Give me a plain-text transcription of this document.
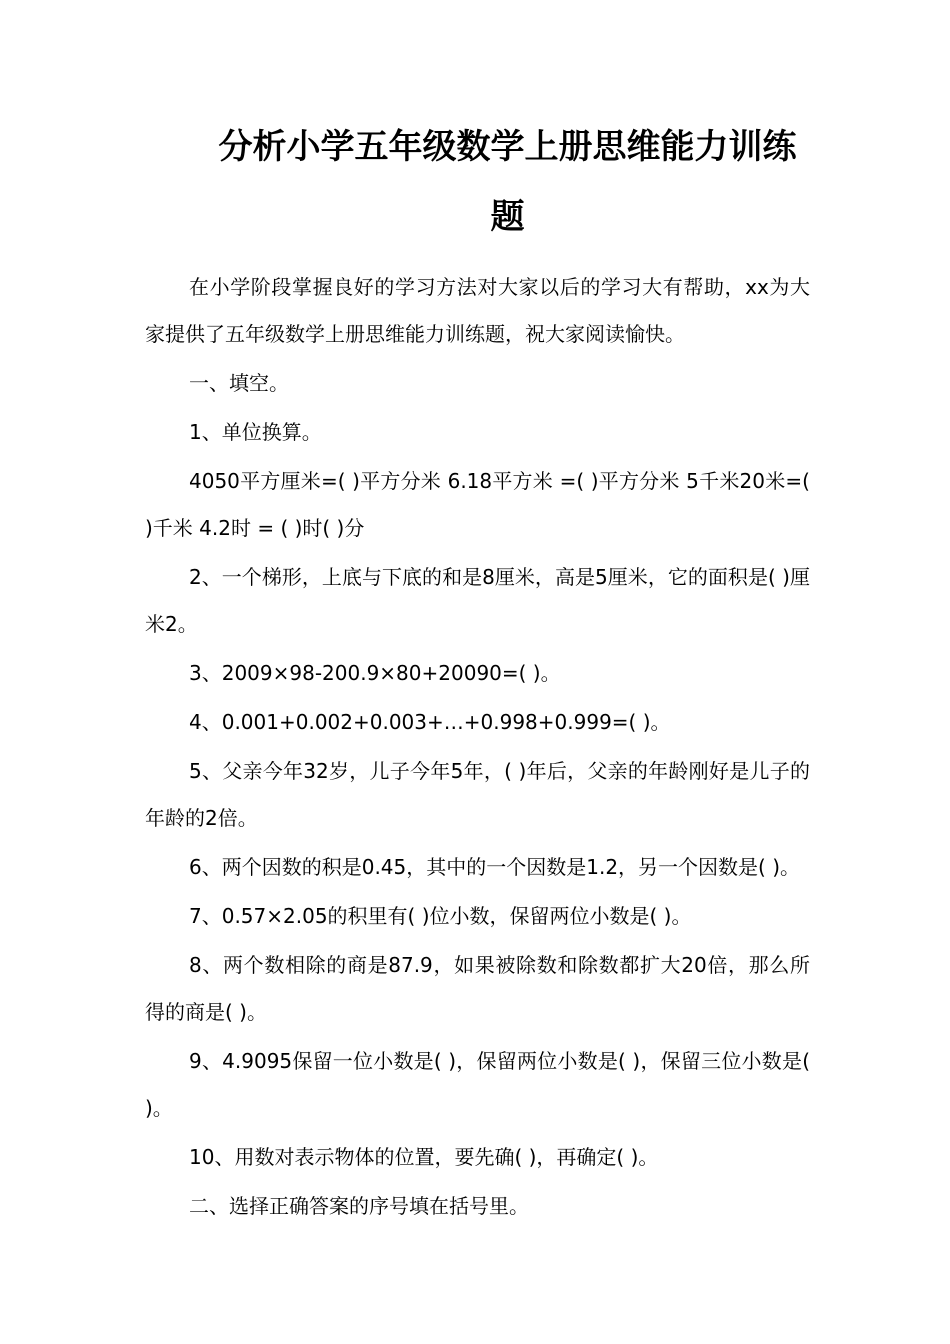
分析小学五年级数学上册思维能力训练
题

在小学阶段掌握良好的学习方法对大家以后的学习大有帮助，xx为大家提供了五年级数学上册思维能力训练题，祝大家阅读愉快。

一、填空。

1、单位换算。

4050平方厘米=( )平方分米 6.18平方米 =( )平方分米 5千米20米=( )千米 4.2时 = ( )时( )分

2、一个梯形，上底与下底的和是8厘米，高是5厘米，它的面积是( )厘米2。

3、2009×98-200.9×80+20090=( )。

4、0.001+0.002+0.003+…+0.998+0.999=( )。

5、父亲今年32岁，儿子今年5年，( )年后，父亲的年龄刚好是儿子的年龄的2倍。

6、两个因数的积是0.45，其中的一个因数是1.2，另一个因数是( )。

7、0.57×2.05的积里有( )位小数，保留两位小数是( )。

8、两个数相除的商是87.9，如果被除数和除数都扩大20倍，那么所得的商是( )。

9、4.9095保留一位小数是( )，保留两位小数是( )，保留三位小数是( )。

10、用数对表示物体的位置，要先确( )，再确定( )。

二、选择正确答案的序号填在括号里。
